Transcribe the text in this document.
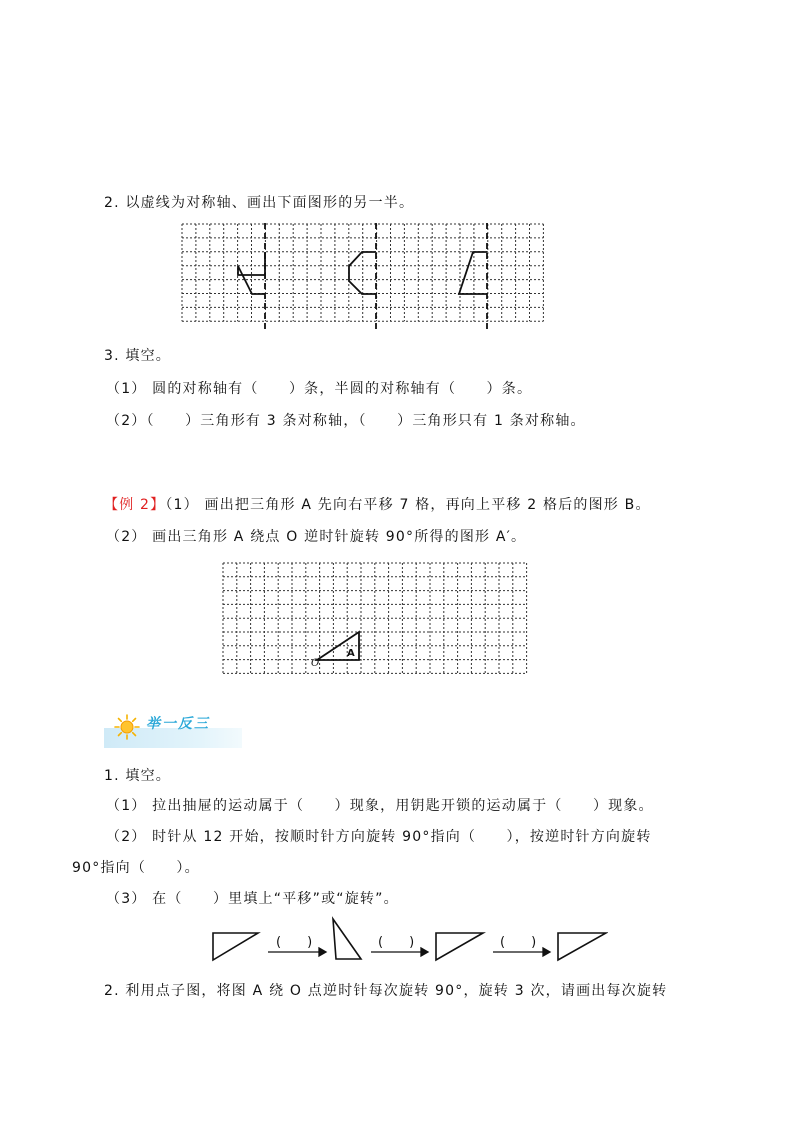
2. 以虚线为对称轴、画出下面图形的另一半。
3. 填空。
（1） 圆的对称轴有（　　）条，半圆的对称轴有（　　）条。
（2）（　　）三角形有 3 条对称轴，（　　）三角形只有 1 条对称轴。
【例 2】（1） 画出把三角形 A 先向右平移 7 格，再向上平移 2 格后的图形 B。
（2） 画出三角形 A 绕点 O 逆时针旋转 90°所得的图形 A′。
A
O
举一反三
1. 填空。
（1） 拉出抽屉的运动属于（　　）现象，用钥匙开锁的运动属于（　　）现象。
（2） 时针从 12 开始，按顺时针方向旋转 90°指向（　　），按逆时针方向旋转
90°指向（　　）。
（3） 在（　　）里填上“平移”或“旋转”。
(　　)	(　　)	(　　)
2. 利用点子图，将图 A 绕 O 点逆时针每次旋转 90°，旋转 3 次，请画出每次旋转
